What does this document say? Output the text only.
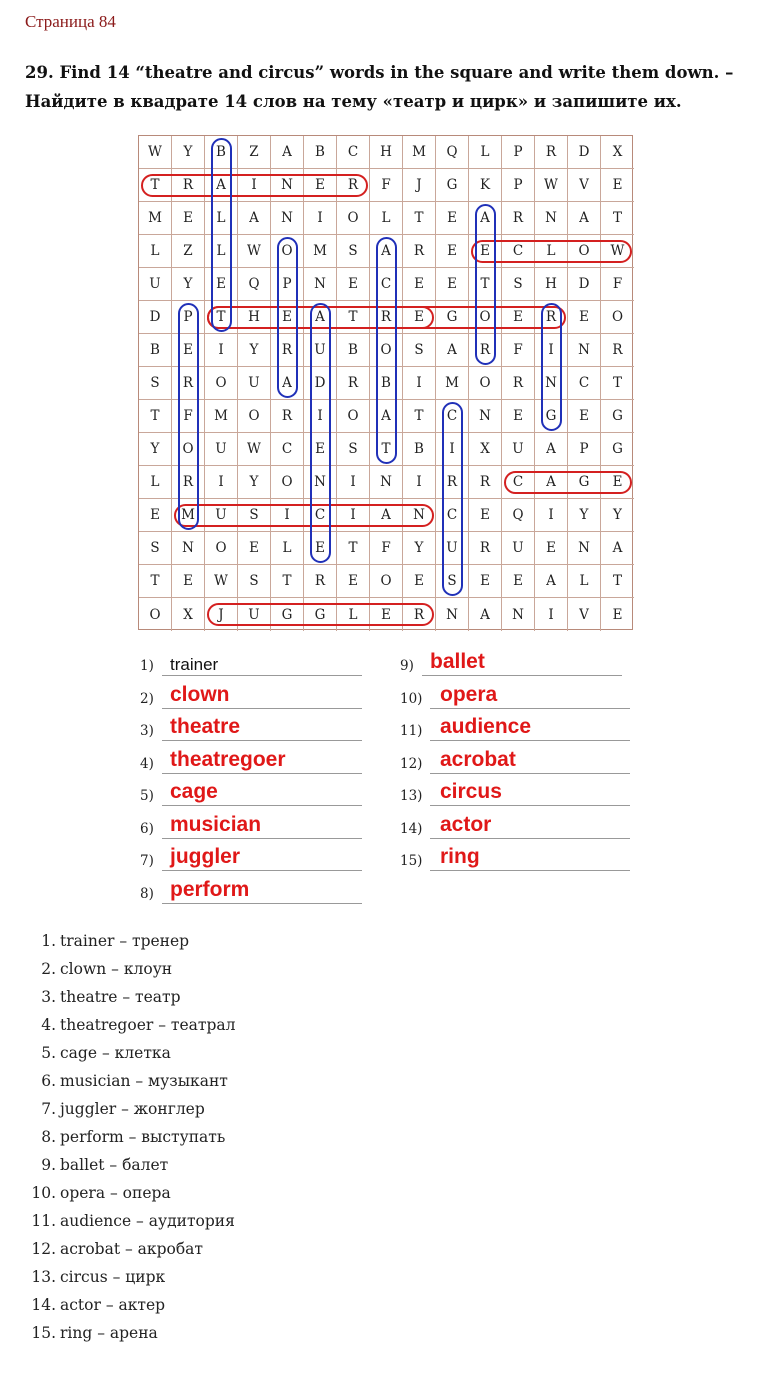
Страница 84
29. Find 14 “theatre and circus” words in the square and write them down. –
Найдите в квадрате 14 слов на тему «театр и цирк» и запишите их.
W	Y	B	Z	A	B	C	H	M	Q	L	P	R	D	X
T	R	A	I	N	E	R	F	J	G	K	P	W	V	E
M	E	L	A	N	I	O	L	T	E	A	R	N	A	T
L	Z	L	W	O	M	S	A	R	E	E	C	L	O	W
U	Y	E	Q	P	N	E	C	E	E	T	S	H	D	F
D	P	T	H	E	A	T	R	E	G	O	E	R	E	O
B	E	I	Y	R	U	B	O	S	A	R	F	I	N	R
S	R	O	U	A	D	R	B	I	M	O	R	N	C	T
T	F	M	O	R	I	O	A	T	C	N	E	G	E	G
Y	O	U	W	C	E	S	T	B	I	X	U	A	P	G
L	R	I	Y	O	N	I	N	I	R	R	C	A	G	E
E	M	U	S	I	C	I	A	N	C	E	Q	I	Y	Y
S	N	O	E	L	E	T	F	Y	U	R	U	E	N	A
T	E	W	S	T	R	E	O	E	S	E	E	A	L	T
O	X	J	U	G	G	L	E	R	N	A	N	I	V	E
1) trainer
2) clown
3) theatre
4) theatregoer
5) cage
6) musician
7) juggler
8) perform
9) ballet
10) opera
11) audience
12) acrobat
13) circus
14) actor
15) ring
1. trainer – тренер
2. clown – клоун
3. theatre – театр
4. theatregoer – театрал
5. cage – клетка
6. musician – музыкант
7. juggler – жонглер
8. perform – выступать
9. ballet – балет
10. opera – опера
11. audience – аудитория
12. acrobat – акробат
13. circus – цирк
14. actor – актер
15. ring – арена
